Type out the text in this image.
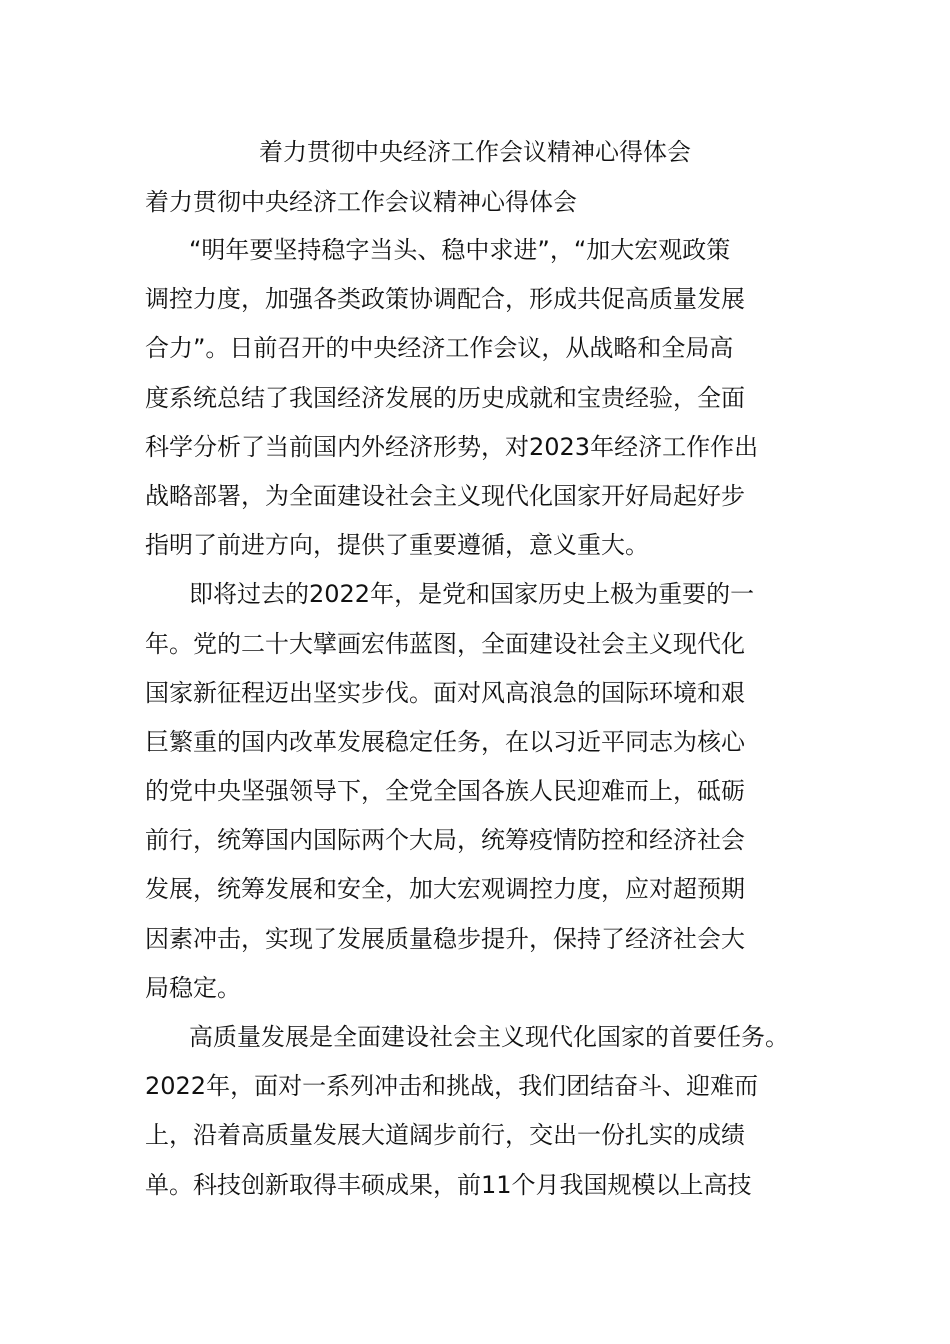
着力贯彻中央经济工作会议精神心得体会
着力贯彻中央经济工作会议精神心得体会
“明年要坚持稳字当头、稳中求进”，“加大宏观政策
调控力度，加强各类政策协调配合，形成共促高质量发展
合力”。日前召开的中央经济工作会议，从战略和全局高
度系统总结了我国经济发展的历史成就和宝贵经验，全面
科学分析了当前国内外经济形势，对2023年经济工作作出
战略部署，为全面建设社会主义现代化国家开好局起好步
指明了前进方向，提供了重要遵循，意义重大。
即将过去的2022年，是党和国家历史上极为重要的一
年。党的二十大擘画宏伟蓝图，全面建设社会主义现代化
国家新征程迈出坚实步伐。面对风高浪急的国际环境和艰
巨繁重的国内改革发展稳定任务，在以习近平同志为核心
的党中央坚强领导下，全党全国各族人民迎难而上，砥砺
前行，统筹国内国际两个大局，统筹疫情防控和经济社会
发展，统筹发展和安全，加大宏观调控力度，应对超预期
因素冲击，实现了发展质量稳步提升，保持了经济社会大
局稳定。
高质量发展是全面建设社会主义现代化国家的首要任务。
2022年，面对一系列冲击和挑战，我们团结奋斗、迎难而
上，沿着高质量发展大道阔步前行，交出一份扎实的成绩
单。科技创新取得丰硕成果，前11个月我国规模以上高技
